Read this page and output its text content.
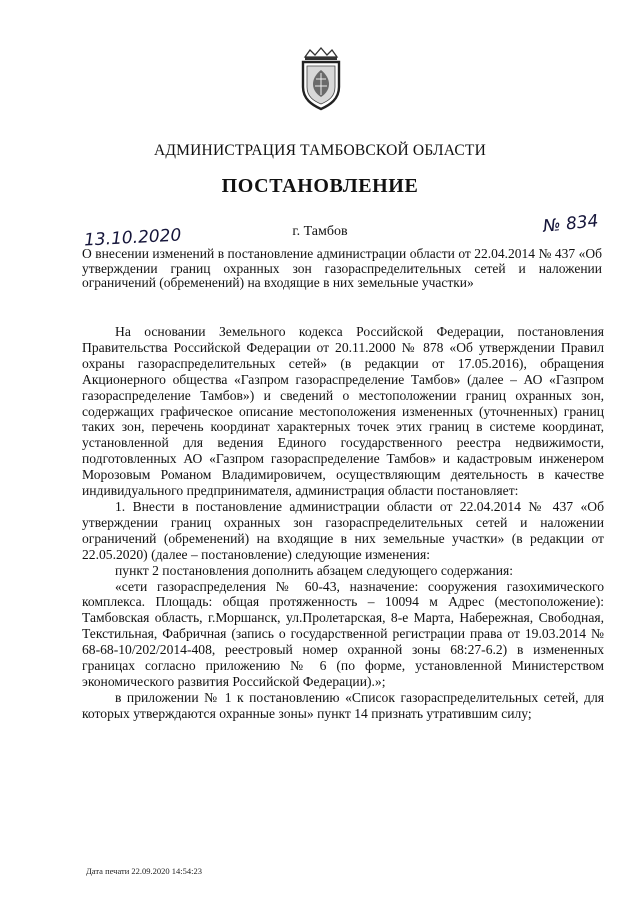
АДМИНИСТРАЦИЯ ТАМБОВСКОЙ ОБЛАСТИ
ПОСТАНОВЛЕНИЕ
г. Тамбов
13.10.2020
№ 834
О внесении изменений в постановление администрации области от 22.04.2014 № 437 «Об утверждении границ охранных зон газораспределительных сетей и наложении ограничений (обременений) на входящие в них земельные участки»

На основании Земельного кодекса Российской Федерации, постановления Правительства Российской Федерации от 20.11.2000 № 878 «Об утверждении Правил охраны газораспределительных сетей» (в редакции от 17.05.2016), обращения Акционерного общества «Газпром газораспределение Тамбов» (далее – АО «Газпром газораспределение Тамбов») и сведений о местоположении границ охранных зон, содержащих графическое описание местоположения измененных (уточненных) границ таких зон, перечень координат характерных точек этих границ в системе координат, установленной для ведения Единого государственного реестра недвижимости, подготовленных АО «Газпром газораспределение Тамбов» и кадастровым инженером Морозовым Романом Владимировичем, осуществляющим деятельность в качестве индивидуального предпринимателя, администрация области постановляет:

1. Внести в постановление администрации области от 22.04.2014 № 437 «Об утверждении границ охранных зон газораспределительных сетей и наложении ограничений (обременений) на входящие в них земельные участки» (в редакции от 22.05.2020) (далее – постановление) следующие изменения:

пункт 2 постановления дополнить абзацем следующего содержания:

«сети газораспределения № 60-43, назначение: сооружения газохимического комплекса. Площадь: общая протяженность – 10094 м Адрес (местоположение): Тамбовская область, г.Моршанск, ул.Пролетарская, 8-е Марта, Набережная, Свободная, Текстильная, Фабричная (запись о государственной регистрации права от 19.03.2014 № 68-68-10/202/2014-408, реестровый номер охранной зоны 68:27-6.2) в измененных границах согласно приложению № 6 (по форме, установленной Министерством экономического развития Российской Федерации).»;

в приложении № 1 к постановлению «Список газораспределительных сетей, для которых утверждаются охранные зоны» пункт 14 признать утратившим силу;

Дата печати 22.09.2020 14:54:23
